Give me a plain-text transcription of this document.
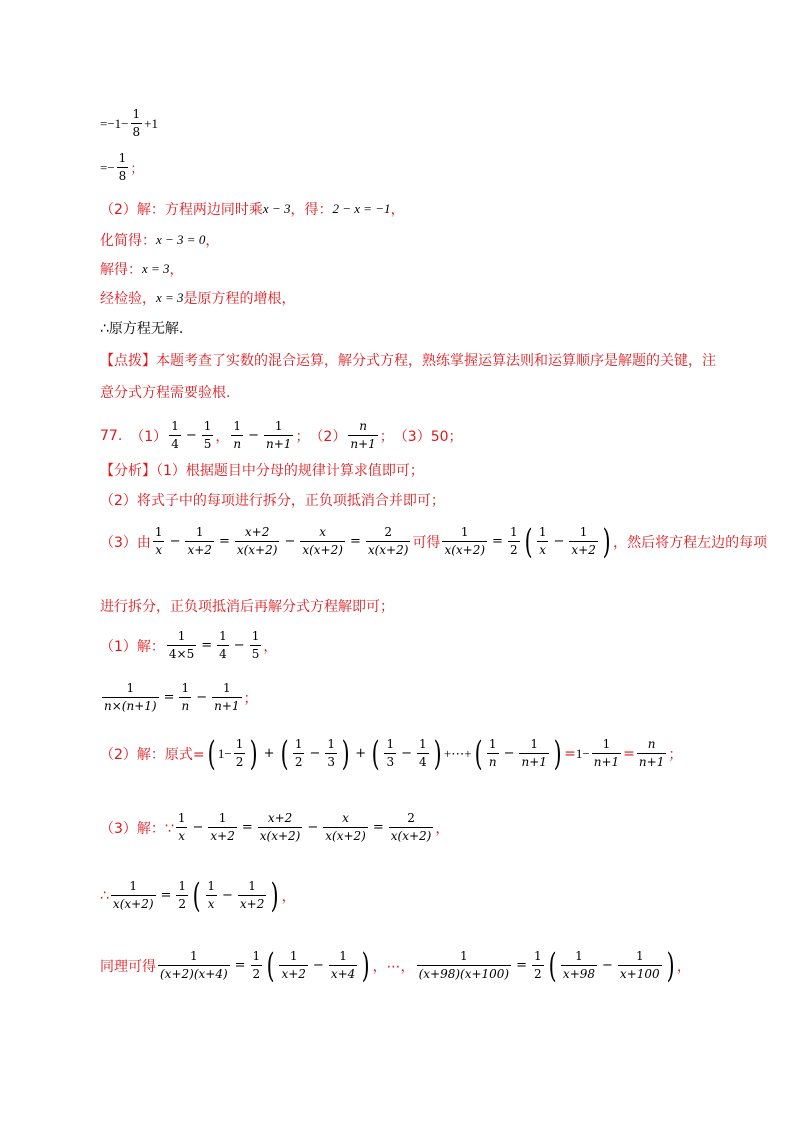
= $-1- \frac{1}{8} +1$
=− $\frac{1}{8}$ ；
（2）解：方程两边同时乘 x − 3 ，得： 2 − x = −1 ，
化简得： x − 3 = 0 ，
解得： x = 3 ，
经检验， x = 3 是原方程的增根，
∴原方程无解.
【点拨】本题考查了实数的混合运算，解分式方程，熟练掌握运算法则和运算顺序是解题的关键，注
意分式方程需要验根.
77. $(1) \frac{1}{4} - \frac{1}{5}$ ， $\frac{1}{n} - \frac{1}{n+1}$ ； $(2) \frac{n}{n+1}$ ； （3）50；
【分析】（1）根据题目中分母的规律计算求值即可；
（2）将式子中的每项进行拆分，正负项抵消合并即可；
（3）由 $\frac{1}{x} - \frac{1}{x+2} = \frac{x+2}{x(x+2)} - \frac{x}{x(x+2)} = \frac{2}{x(x+2)}$ 可得 $\frac{1}{x(x+2)} = \frac{1}{2}$ ( $\frac{1}{x} - \frac{1}{x+2}$ ) ，然后将方程左边的每项
进行拆分，正负项抵消后再解分式方程解即可；
（1）解： $\frac{1}{4\times 5} = \frac{1}{4} - \frac{1}{5}$ ，
$\frac{1}{n\times(n+1)} = \frac{1}{n} - \frac{1}{n+1}$ ；
（2）解：原式= ( $1- \frac{1}{2}$ ) + ( $\frac{1}{2} - \frac{1}{3}$ ) + ( $\frac{1}{3} - \frac{1}{4}$ ) +⋯+ ( $\frac{1}{n} - \frac{1}{n+1}$ ) = $1- \frac{1}{n+1} = \frac{n}{n+1}$ ；
（3）解：∵ $\frac{1}{x} - \frac{1}{x+2} = \frac{x+2}{x(x+2)} - \frac{x}{x(x+2)} = \frac{2}{x(x+2)}$ ，
∴ $\frac{1}{x(x+2)} = \frac{1}{2}$ ( $\frac{1}{x} - \frac{1}{x+2}$ ) ，
同理可得 $\frac{1}{(x+2)(x+4)} = \frac{1}{2}$ ( $\frac{1}{x+2} - \frac{1}{x+4}$ ) ，⋯， $\frac{1}{(x+98)(x+100)} = \frac{1}{2}$ ( $\frac{1}{x+98} - \frac{1}{x+100}$ ) ，
